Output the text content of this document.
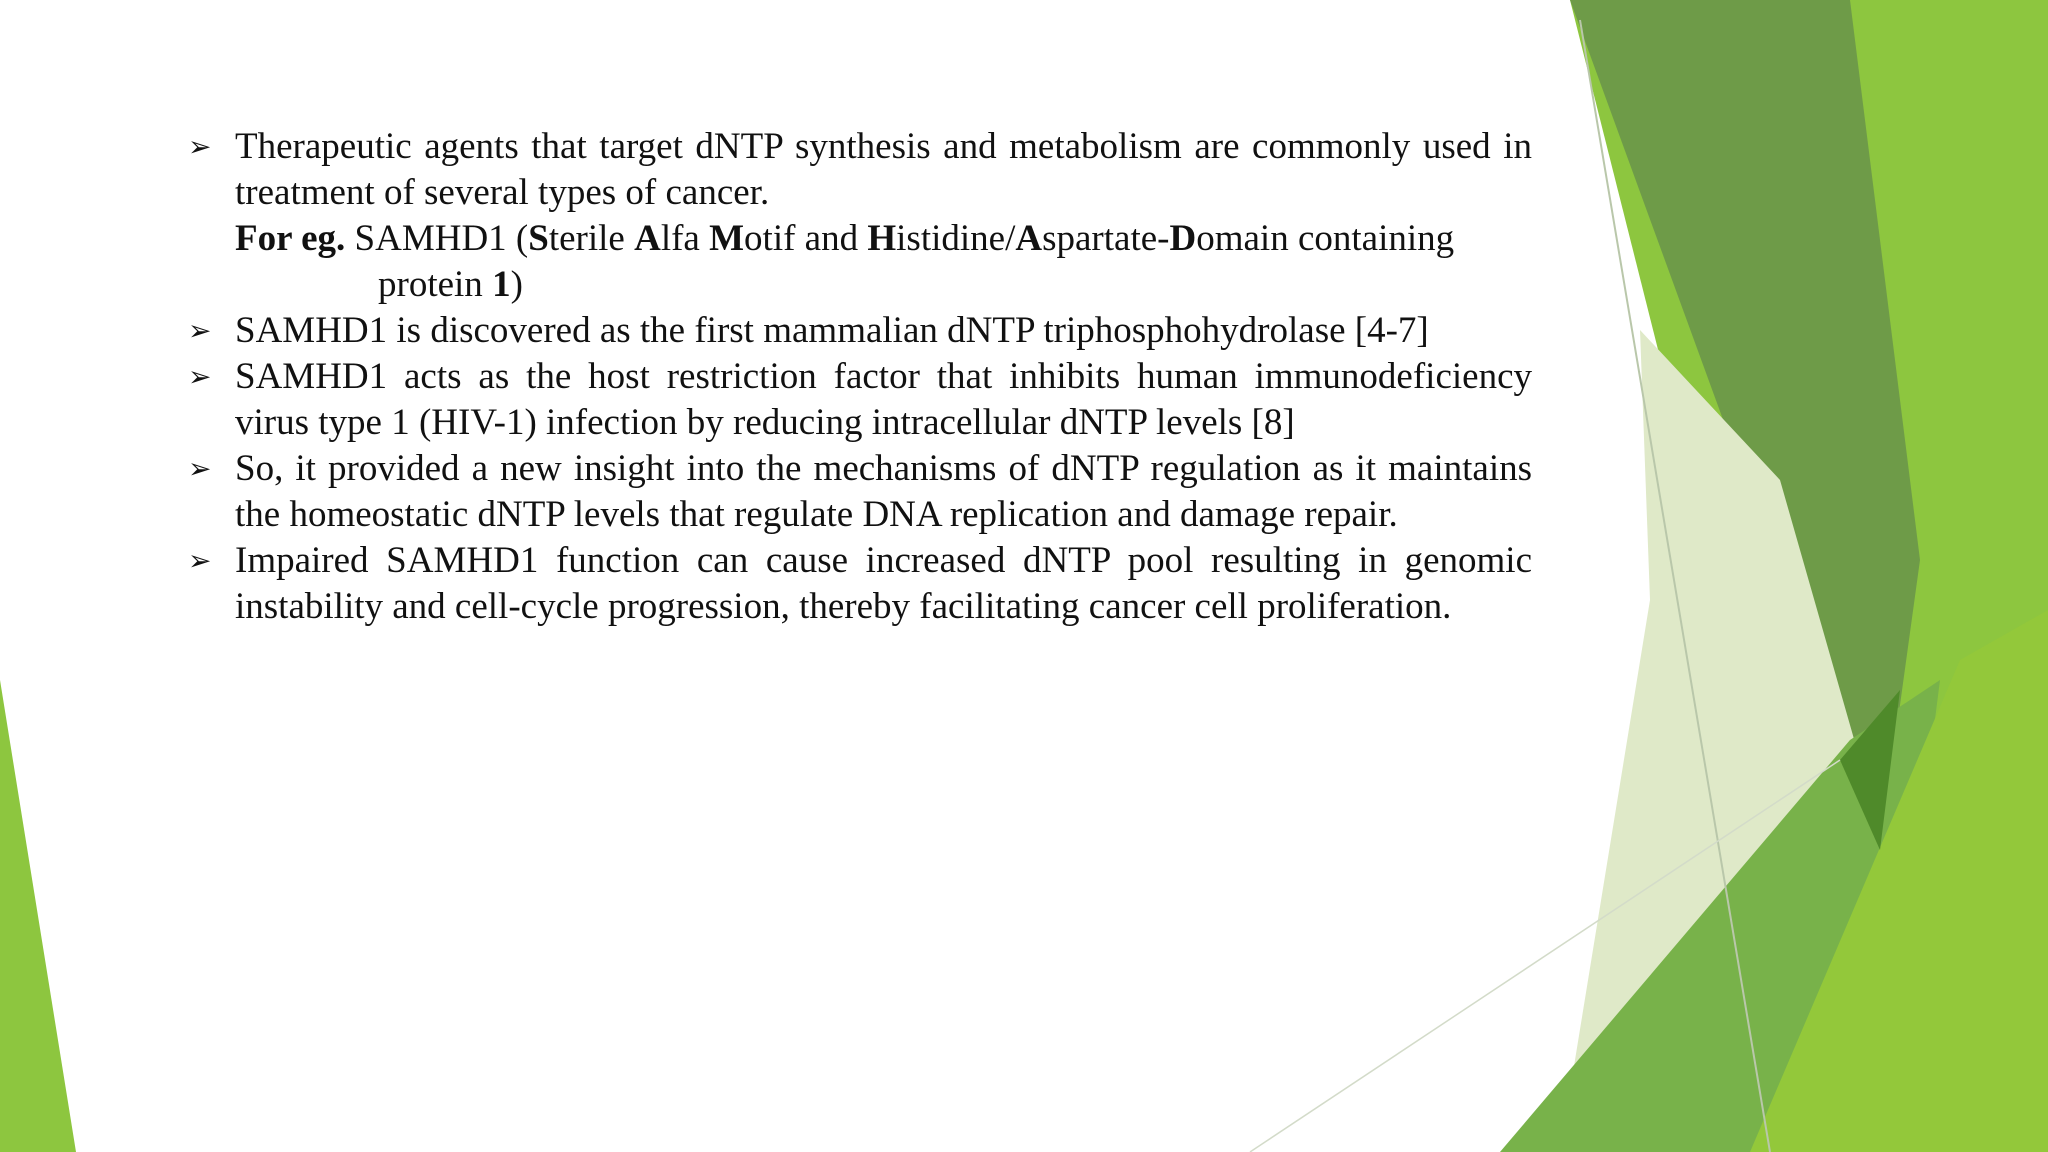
➢ Therapeutic agents that target dNTP synthesis and metabolism are commonly used in treatment of several types of cancer.
For eg. SAMHD1 (Sterile Alfa Motif and Histidine/Aspartate-Domain containing
protein 1)
➢ SAMHD1 is discovered as the first mammalian dNTP triphosphohydrolase [4-7]
➢ SAMHD1 acts as the host restriction factor that inhibits human immunodeficiency virus type 1 (HIV-1) infection by reducing intracellular dNTP levels [8]
➢ So, it provided a new insight into the mechanisms of dNTP regulation as it maintains the homeostatic dNTP levels that regulate DNA replication and damage repair.
➢ Impaired SAMHD1 function can cause increased dNTP pool resulting in genomic instability and cell-cycle progression, thereby facilitating cancer cell proliferation.
